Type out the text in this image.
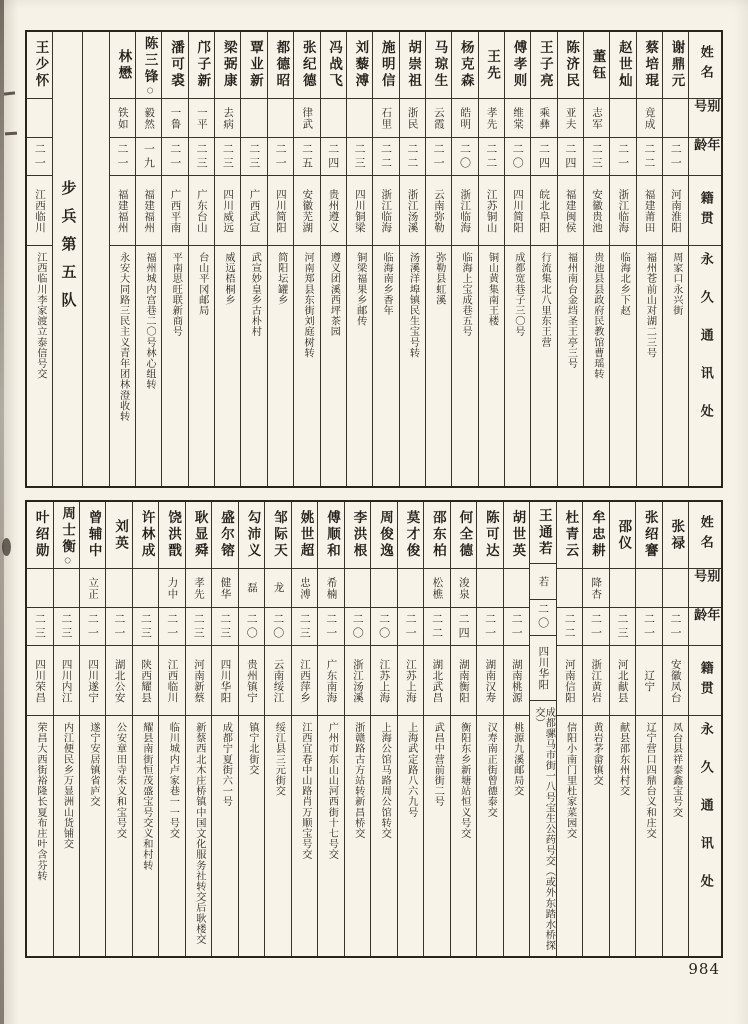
姓名
别号
年龄
籍贯
永久通讯处
谢鼎元
二一
河南淮阳
周家口永兴街
蔡培琨
竟成
二二
福建莆田
福州苍前山对湖二三号
赵世灿
二一
浙江临海
临海北乡下赵
董钰
志军
二三
安徽贵池
贵池县县政府民教馆曹瑶转
陈济民
亚夫
二四
福建闽侯
福州南台金垱圣王亭三号
王子亮
乘彝
二四
皖北阜阳
行流集北八里东王营
傅孝则
维棠
二〇
四川简阳
成都宽巷子三〇号
王先
孝先
二二
江苏铜山
铜山黄集南王楼
杨克森
皓明
二〇
浙江临海
临海上宝成巷五号
马琼生
云霞
二一
云南弥勒
弥勒县虹溪
胡崇祖
浙民
二二
浙江汤溪
汤溪洋埠镇民生宝号转
施明信
石里
二二
浙江临海
临海南乡香年
刘藜溥
二三
四川铜梁
铜梁福果乡邮传
冯战飞
二四
贵州遵义
遵义团溪西坪茶园
张纪德
律武
二五
安徽芜湖
河南郑县东街刘庭树转
都德昭
二一
四川简阳
简阳坛罐乡
覃业新
二三
广西武宣
武宣妙皇乡古朴村
梁弼康
去病
二三
四川威远
威远梧桐乡
邝子新
一平
二三
广东台山
台山平冈邮局
潘可裘
一鲁
二一
广西平南
平南思旺联新商号
陈三锋○
毅然
一九
福建福州
福州城内宫巷二〇号林心组转
林懋
铁如
二一
福建福州
永安大同路三民主义青年团林澄收转
步兵第五队
王少怀
二一
江西临川
江西临川李家渡立泰信号交
姓名
别号
年龄
籍贯
永久通讯处
张禄
二一
安徽凤台
凤台县祥泰鑫宝号交
张绍謇
二一
辽宁
辽宁营口四鼎台义和庄交
邵仪
二三
河北献县
献县邵东州村交
牟忠耕
降杏
二一
浙江黄岩
黄岩茅畲镇交
杜青云
二二
河南信阳
信阳小南门里杜家菜园交
王通若
若
二〇
四川华阳
成都骡马市街一八号宝生公药号交（或外东踏水桥探交）
胡世英
二一
湖南桃源
桃源九溪邮局交
陈可达
二一
湖南汉寿
汉寿南正街曾德泰交
何全德
浚泉
二四
湖南衡阳
衡阳东乡新塘站恒义号交
邵东柏
松樵
二二
湖北武昌
武昌中营前街二号
莫才俊
二一
江苏上海
上海武定路八六九号
周俊逸
二〇
江苏上海
上海公馆马路周公馆转交
李洪根
二〇
浙江汤溪
浙赣路古方站转新昌桥交
傅顺和
希楠
二一
广东南海
广州市东山山河西街十七号交
姚世超
忠溥
二三
江西萍乡
江西宜春中山路肖万顺宝号交
邹际天
龙
二〇
云南绥江
绥江县三元街交
勾沛义
磊
二〇
贵州镇宁
镇宁北街交
盛尔镕
健华
二三
四川华阳
成都宁夏街六一号
耿显舜
孝先
二三
河南新蔡
新蔡西北木庄桥镇中国文化服务社转交后耿楼交
饶洪戬
力中
二一
江西临川
临川城内卢家巷一一号交
许林成
二三
陕西耀县
耀县南街恒茂盛宝号交义和村转
刘英
二一
湖北公安
公安章田寺朱义和宝号交
曾辅中
立正
二一
四川遂宁
遂宁安居镇省庐交
周士衡○
二三
四川内江
内江便民乡万显洲山货铺交
叶绍勋
二三
四川荣昌
荣昌大西街裕隆长夏布庄叶含芬转
984
